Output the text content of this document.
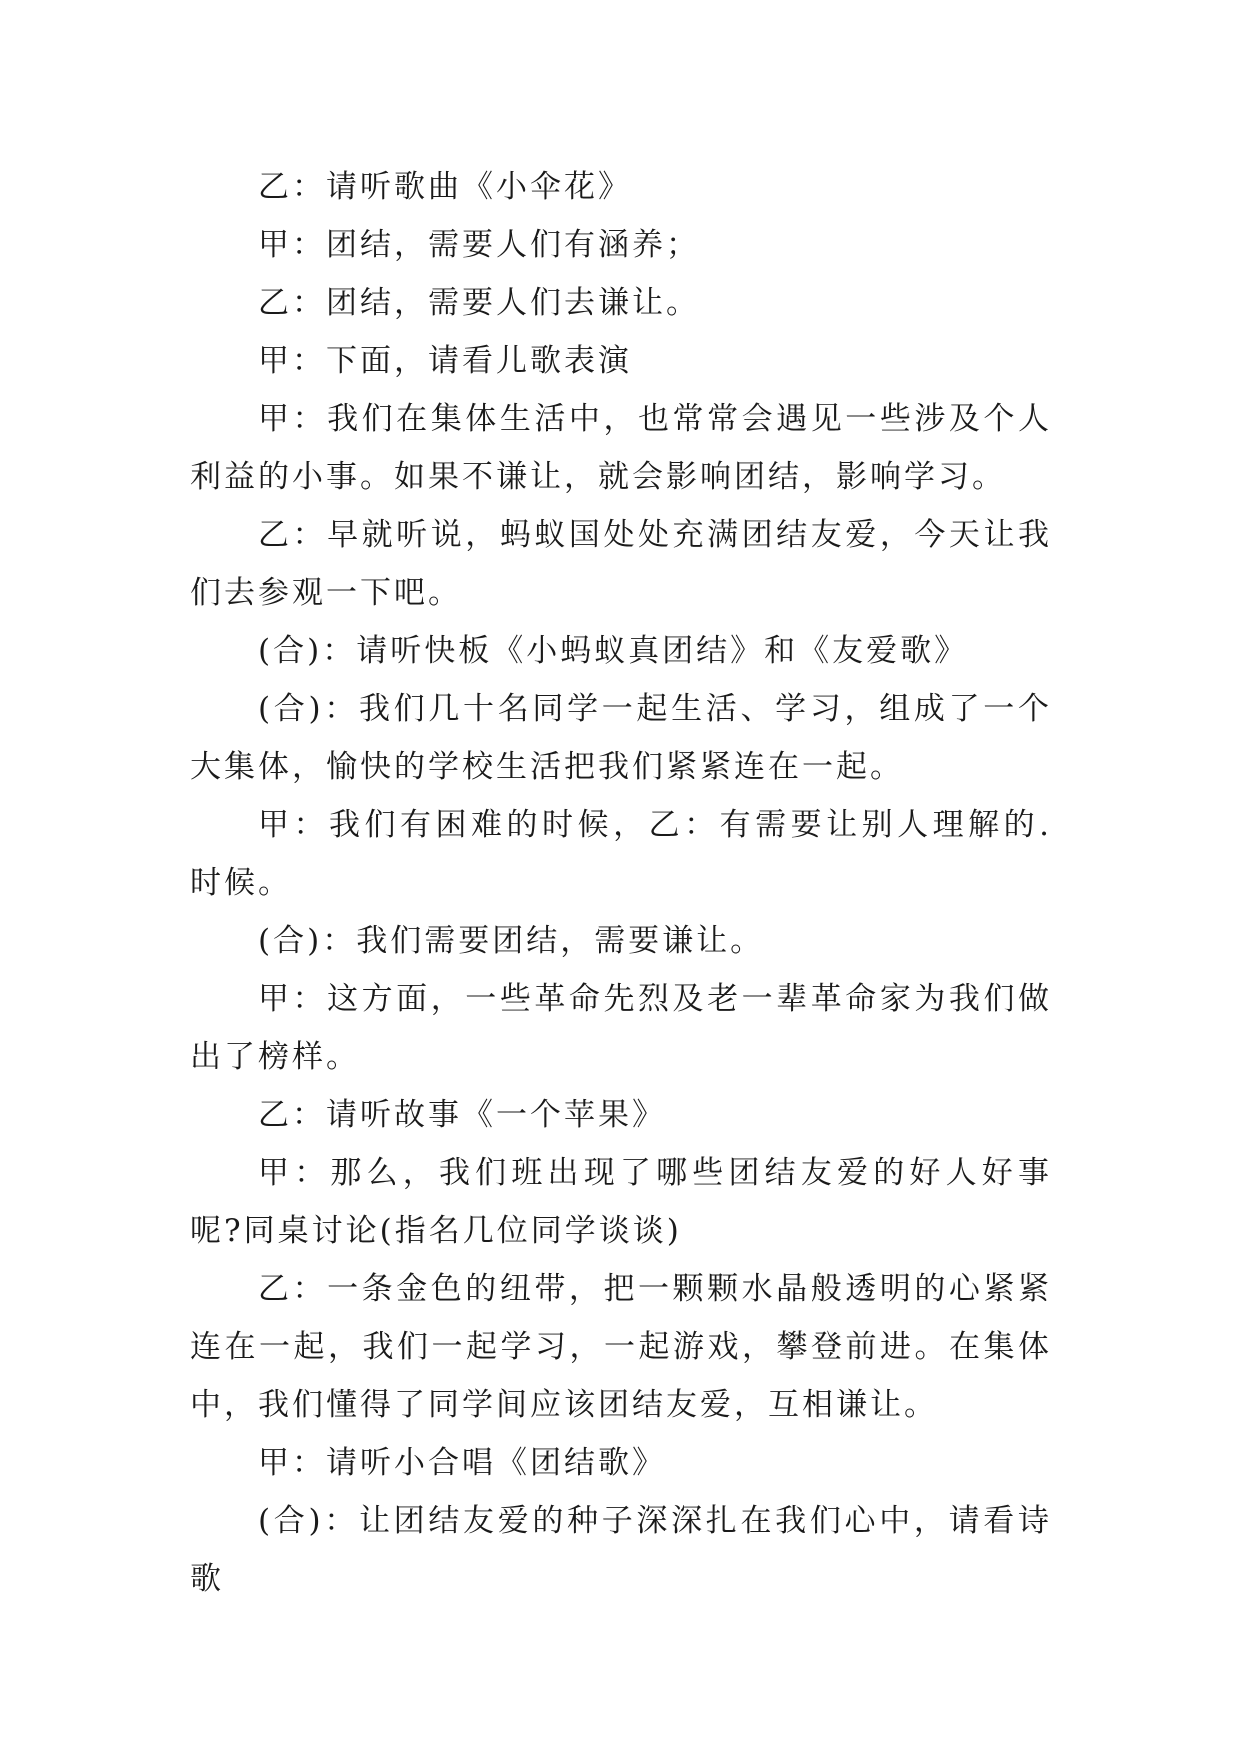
乙：请听歌曲《小伞花》

甲：团结，需要人们有涵养；

乙：团结，需要人们去谦让。

甲：下面，请看儿歌表演

甲：我们在集体生活中，也常常会遇见一些涉及个人利益的小事。如果不谦让，就会影响团结，影响学习。

乙：早就听说，蚂蚁国处处充满团结友爱，今天让我们去参观一下吧。

(合)：请听快板《小蚂蚁真团结》和《友爱歌》

(合)：我们几十名同学一起生活、学习，组成了一个大集体，愉快的学校生活把我们紧紧连在一起。

甲：我们有困难的时候，乙：有需要让别人理解的.时候。

(合)：我们需要团结，需要谦让。

甲：这方面，一些革命先烈及老一辈革命家为我们做出了榜样。

乙：请听故事《一个苹果》

甲：那么，我们班出现了哪些团结友爱的好人好事呢?同桌讨论(指名几位同学谈谈)

乙：一条金色的纽带，把一颗颗水晶般透明的心紧紧连在一起，我们一起学习，一起游戏，攀登前进。在集体中，我们懂得了同学间应该团结友爱，互相谦让。

甲：请听小合唱《团结歌》

(合)：让团结友爱的种子深深扎在我们心中，请看诗歌
